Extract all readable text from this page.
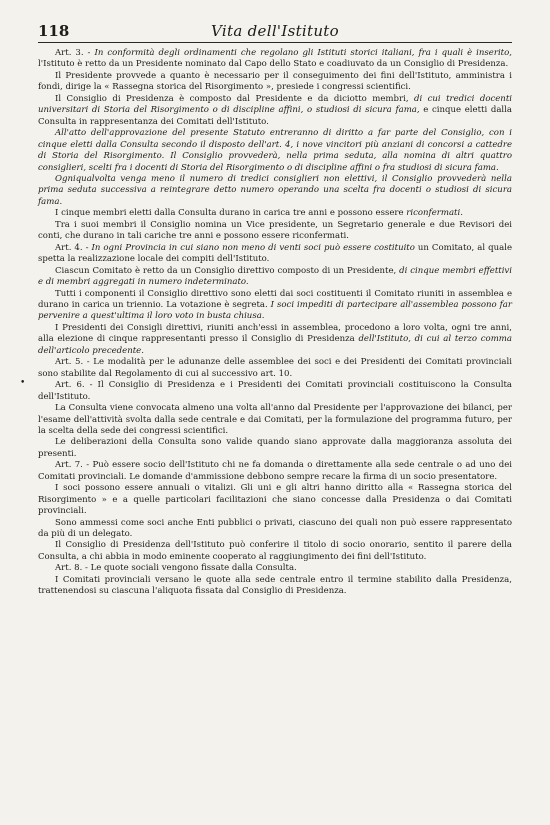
118	Vita dell'Istituto
•

Art. 3. - In conformità degli ordinamenti che regolano gli Istituti storici italiani, fra i quali è inserito, l'Istituto è retto da un Presidente nominato dal Capo dello Stato e coadiuvato da un Consiglio di Presidenza.

Il Presidente provvede a quanto è necessario per il conseguimento dei fini dell'Istituto, amministra i fondi, dirige la « Rassegna storica del Risorgimento », presiede i congressi scientifici.

Il Consiglio di Presidenza è composto dal Presidente e da diciotto membri, di cui tredici docenti universitari di Storia del Risorgimento o di discipline affini, o studiosi di sicura fama, e cinque eletti dalla Consulta in rappresentanza dei Comitati dell'Istituto.

All'atto dell'approvazione del presente Statuto entreranno di diritto a far parte del Consiglio, con i cinque eletti dalla Consulta secondo il disposto dell'art. 4, i nove vincitori più anziani di concorsi a cattedre di Storia del Risorgimento. Il Consiglio provvederà, nella prima seduta, alla nomina di altri quattro consiglieri, scelti fra i docenti di Storia del Risorgimento o di discipline affini o fra studiosi di sicura fama.

Ogniqualvolta venga meno il numero di tredici consiglieri non elettivi, il Consiglio provvederà nella prima seduta successiva a reintegrare detto numero operando una scelta fra docenti o studiosi di sicura fama.

I cinque membri eletti dalla Consulta durano in carica tre anni e possono essere riconfermati.

Tra i suoi membri il Consiglio nomina un Vice presidente, un Segretario generale e due Revisori dei conti, che durano in tali cariche tre anni e possono essere riconfermati.

Art. 4. - In ogni Provincia in cui siano non meno di venti soci può essere costituito un Comitato, al quale spetta la realizzazione locale dei compiti dell'Istituto.

Ciascun Comitato è retto da un Consiglio direttivo composto di un Presidente, di cinque membri effettivi e di membri aggregati in numero indeterminato.

Tutti i componenti il Consiglio direttivo sono eletti dai soci costituenti il Comitato riuniti in assemblea e durano in carica un triennio. La votazione è segreta. I soci impediti di partecipare all'assemblea possono far pervenire a quest'ultima il loro voto in busta chiusa.

I Presidenti dei Consigli direttivi, riuniti anch'essi in assemblea, procedono a loro volta, ogni tre anni, alla elezione di cinque rappresentanti presso il Consiglio di Presidenza dell'Istituto, di cui al terzo comma dell'articolo precedente.

Art. 5. - Le modalità per le adunanze delle assemblee dei soci e dei Presidenti dei Comitati provinciali sono stabilite dal Regolamento di cui al successivo art. 10.

Art. 6. - Il Consiglio di Presidenza e i Presidenti dei Comitati provinciali costituiscono la Consulta dell'Istituto.

La Consulta viene convocata almeno una volta all'anno dal Presidente per l'approvazione dei bilanci, per l'esame dell'attività svolta dalla sede centrale e dai Comitati, per la formulazione del programma futuro, per la scelta della sede dei congressi scientifici.

Le deliberazioni della Consulta sono valide quando siano approvate dalla maggioranza assoluta dei presenti.

Art. 7. - Può essere socio dell'Istituto chi ne fa domanda o direttamente alla sede centrale o ad uno dei Comitati provinciali. Le domande d'ammissione debbono sempre recare la firma di un socio presentatore.

I soci possono essere annuali o vitalizi. Gli uni e gli altri hanno diritto alla « Rassegna storica del Risorgimento » e a quelle particolari facilitazioni che siano concesse dalla Presidenza o dai Comitati provinciali.

Sono ammessi come soci anche Enti pubblici o privati, ciascuno dei quali non può essere rappresentato da più di un delegato.

Il Consiglio di Presidenza dell'Istituto può conferire il titolo di socio onorario, sentito il parere della Consulta, a chi abbia in modo eminente cooperato al raggiungimento dei fini dell'Istituto.

Art. 8. - Le quote sociali vengono fissate dalla Consulta.

I Comitati provinciali versano le quote alla sede centrale entro il termine stabilito dalla Presidenza, trattenendosi su ciascuna l'aliquota fissata dal Consiglio di Presidenza.
